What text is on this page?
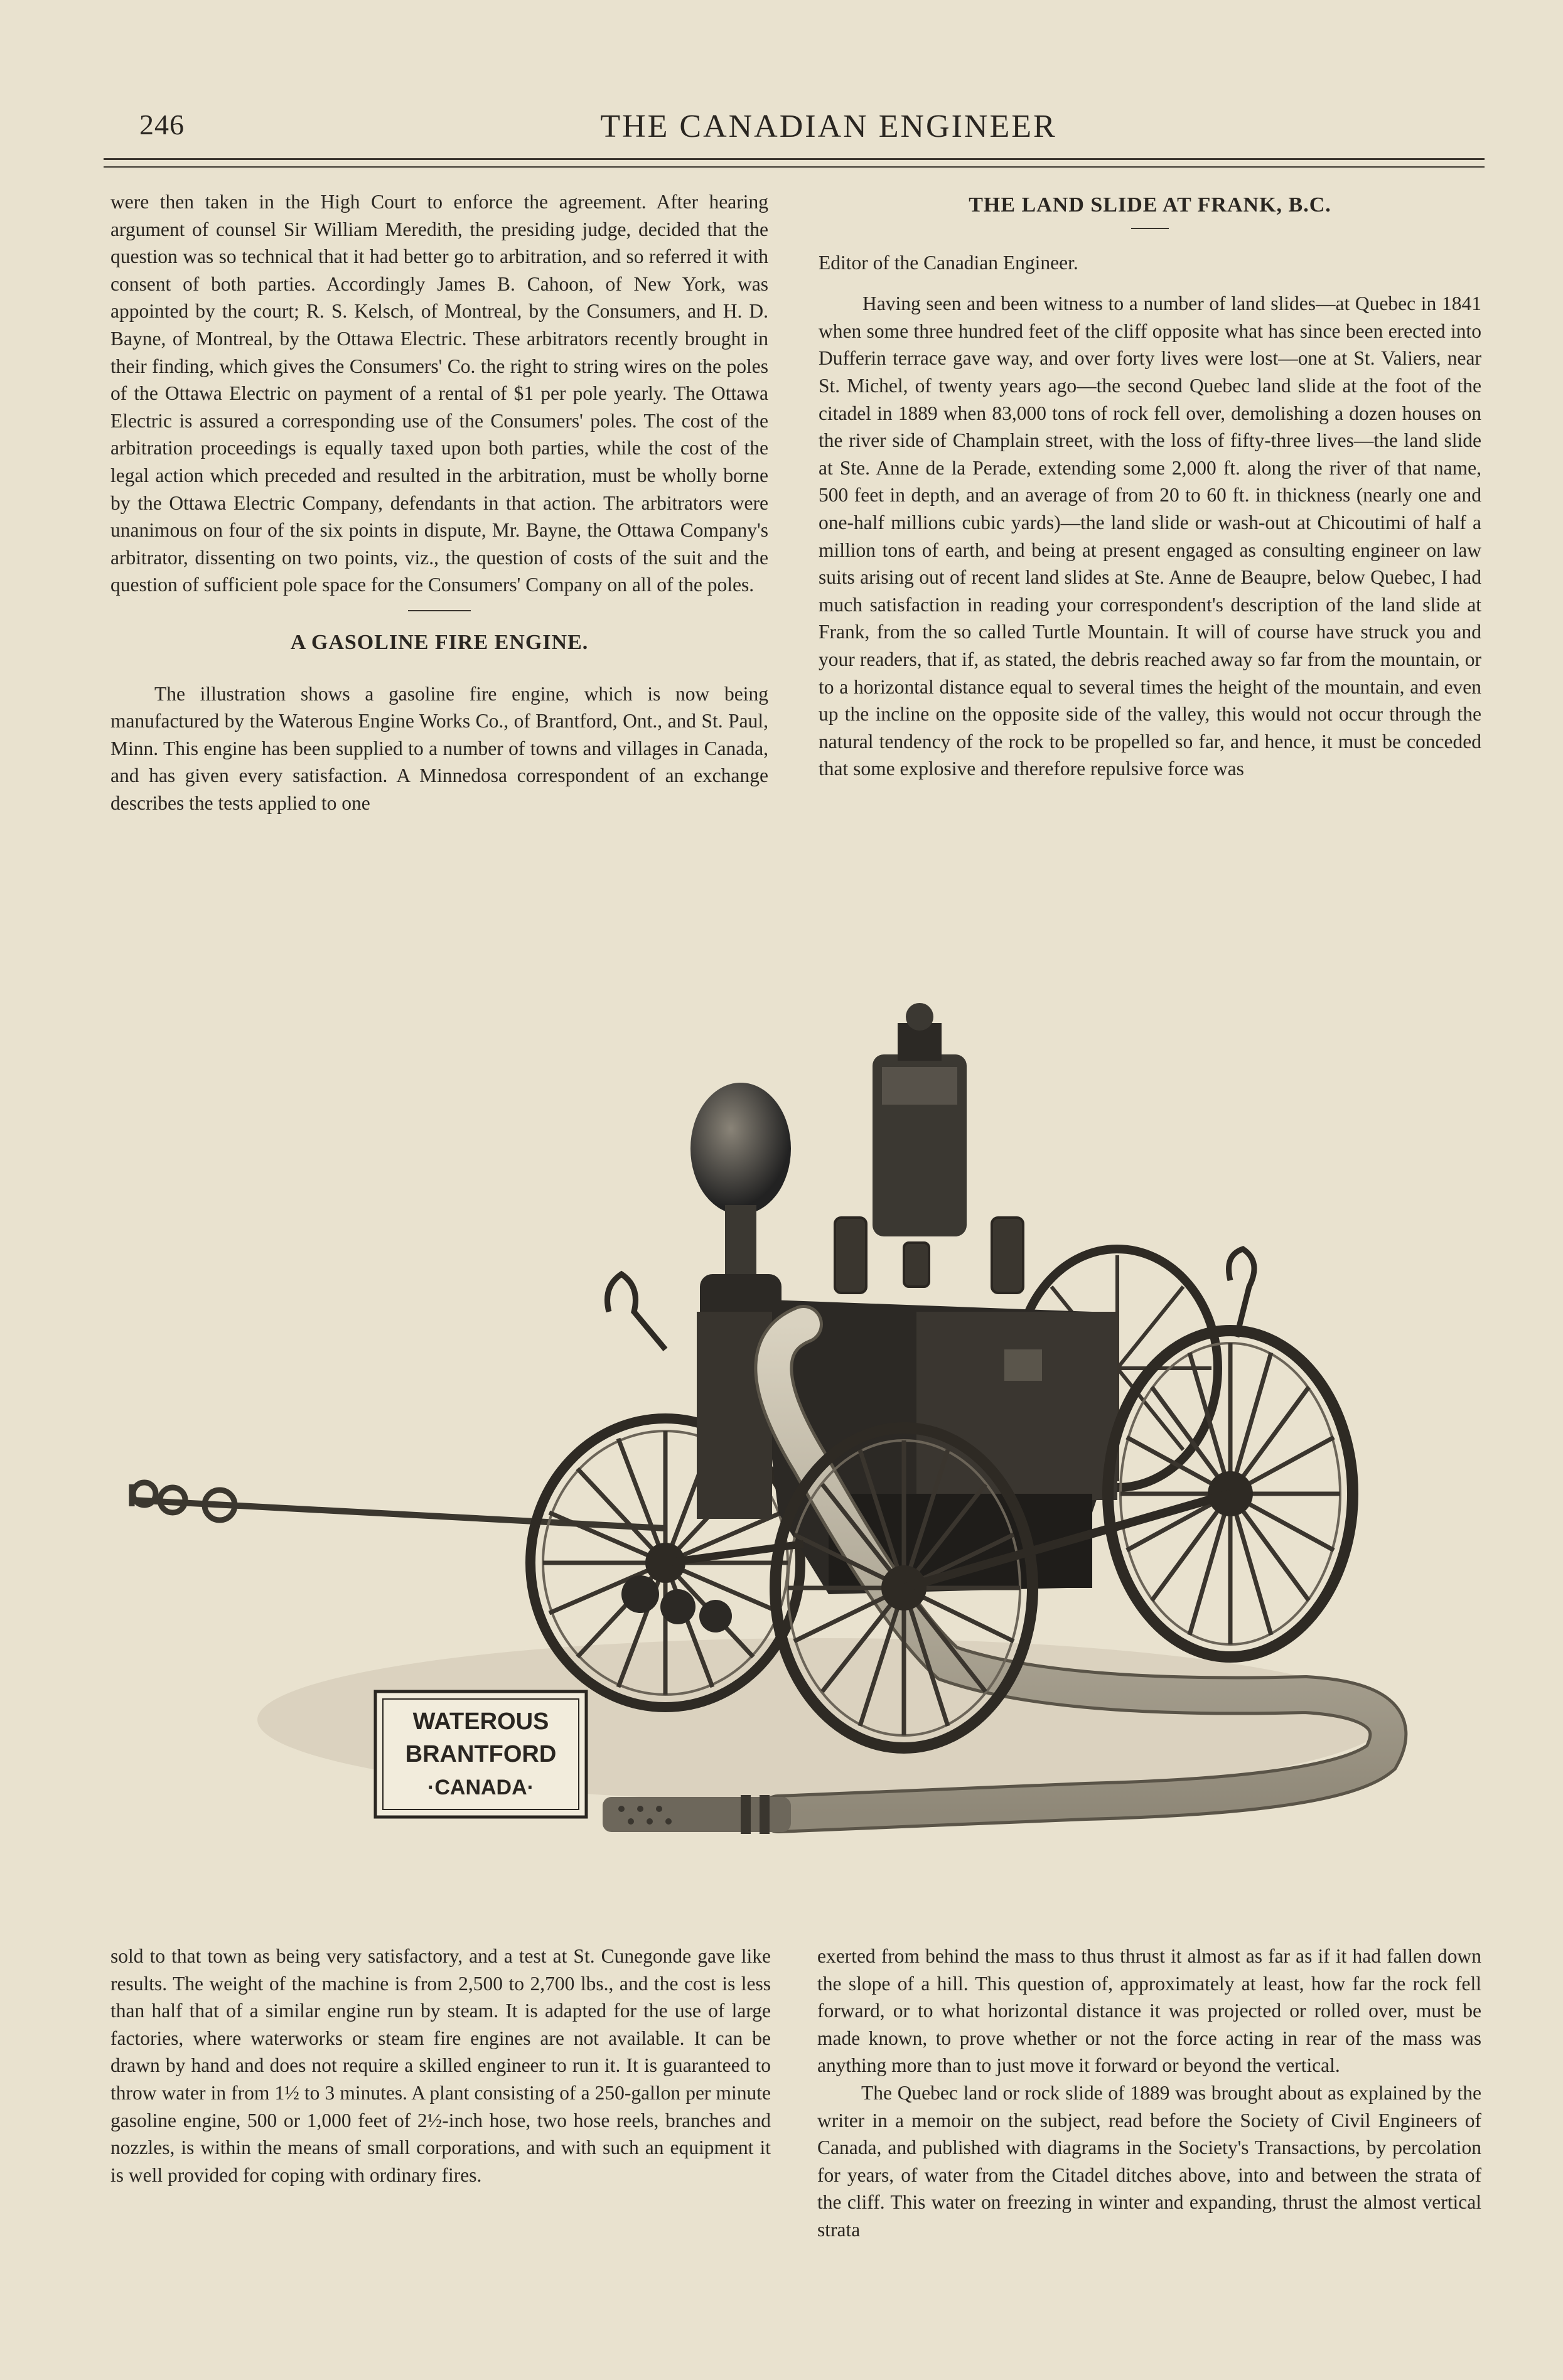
246	THE CANADIAN ENGINEER

were then taken in the High Court to enforce the agreement. After hearing argument of counsel Sir William Meredith, the presiding judge, decided that the question was so technical that it had better go to arbitration, and so referred it with consent of both parties. Accordingly James B. Cahoon, of New York, was appointed by the court; R. S. Kelsch, of Montreal, by the Consumers, and H. D. Bayne, of Montreal, by the Ottawa Electric. These arbitrators recently brought in their finding, which gives the Consumers' Co. the right to string wires on the poles of the Ottawa Electric on payment of a rental of $1 per pole yearly. The Ottawa Electric is assured a corresponding use of the Consumers' poles. The cost of the arbitration proceedings is equally taxed upon both parties, while the cost of the legal action which preceded and resulted in the arbitration, must be wholly borne by the Ottawa Electric Company, defendants in that action. The arbitrators were unanimous on four of the six points in dispute, Mr. Bayne, the Ottawa Company's arbitrator, dissenting on two points, viz., the question of costs of the suit and the question of sufficient pole space for the Consumers' Company on all of the poles.

A GASOLINE FIRE ENGINE.

The illustration shows a gasoline fire engine, which is now being manufactured by the Waterous Engine Works Co., of Brantford, Ont., and St. Paul, Minn. This engine has been supplied to a number of towns and villages in Canada, and has given every satisfaction. A Minnedosa correspondent of an exchange describes the tests applied to one

THE LAND SLIDE AT FRANK, B.C.

Editor of the Canadian Engineer.

Having seen and been witness to a number of land slides—at Quebec in 1841 when some three hundred feet of the cliff opposite what has since been erected into Dufferin terrace gave way, and over forty lives were lost—one at St. Valiers, near St. Michel, of twenty years ago—the second Quebec land slide at the foot of the citadel in 1889 when 83,000 tons of rock fell over, demolishing a dozen houses on the river side of Champlain street, with the loss of fifty-three lives—the land slide at Ste. Anne de la Perade, extending some 2,000 ft. along the river of that name, 500 feet in depth, and an average of from 20 to 60 ft. in thickness (nearly one and one-half millions cubic yards)—the land slide or wash-out at Chicoutimi of half a million tons of earth, and being at present engaged as consulting engineer on law suits arising out of recent land slides at Ste. Anne de Beaupre, below Quebec, I had much satisfaction in reading your correspondent's description of the land slide at Frank, from the so called Turtle Mountain. It will of course have struck you and your readers, that if, as stated, the debris reached away so far from the mountain, or to a horizontal distance equal to several times the height of the mountain, and even up the incline on the opposite side of the valley, this would not occur through the natural tendency of the rock to be propelled so far, and hence, it must be conceded that some explosive and therefore repulsive force was

WATEROUS
BRANTFORD
·CANADA·

sold to that town as being very satisfactory, and a test at St. Cunegonde gave like results. The weight of the machine is from 2,500 to 2,700 lbs., and the cost is less than half that of a similar engine run by steam. It is adapted for the use of large factories, where waterworks or steam fire engines are not available. It can be drawn by hand and does not require a skilled engineer to run it. It is guaranteed to throw water in from 1½ to 3 minutes. A plant consisting of a 250-gallon per minute gasoline engine, 500 or 1,000 feet of 2½-inch hose, two hose reels, branches and nozzles, is within the means of small corporations, and with such an equipment it is well provided for coping with ordinary fires.

exerted from behind the mass to thus thrust it almost as far as if it had fallen down the slope of a hill. This question of, approximately at least, how far the rock fell forward, or to what horizontal distance it was projected or rolled over, must be made known, to prove whether or not the force acting in rear of the mass was anything more than to just move it forward or beyond the vertical.

The Quebec land or rock slide of 1889 was brought about as explained by the writer in a memoir on the subject, read before the Society of Civil Engineers of Canada, and published with diagrams in the Society's Transactions, by percolation for years, of water from the Citadel ditches above, into and between the strata of the cliff. This water on freezing in winter and expanding, thrust the almost vertical strata
